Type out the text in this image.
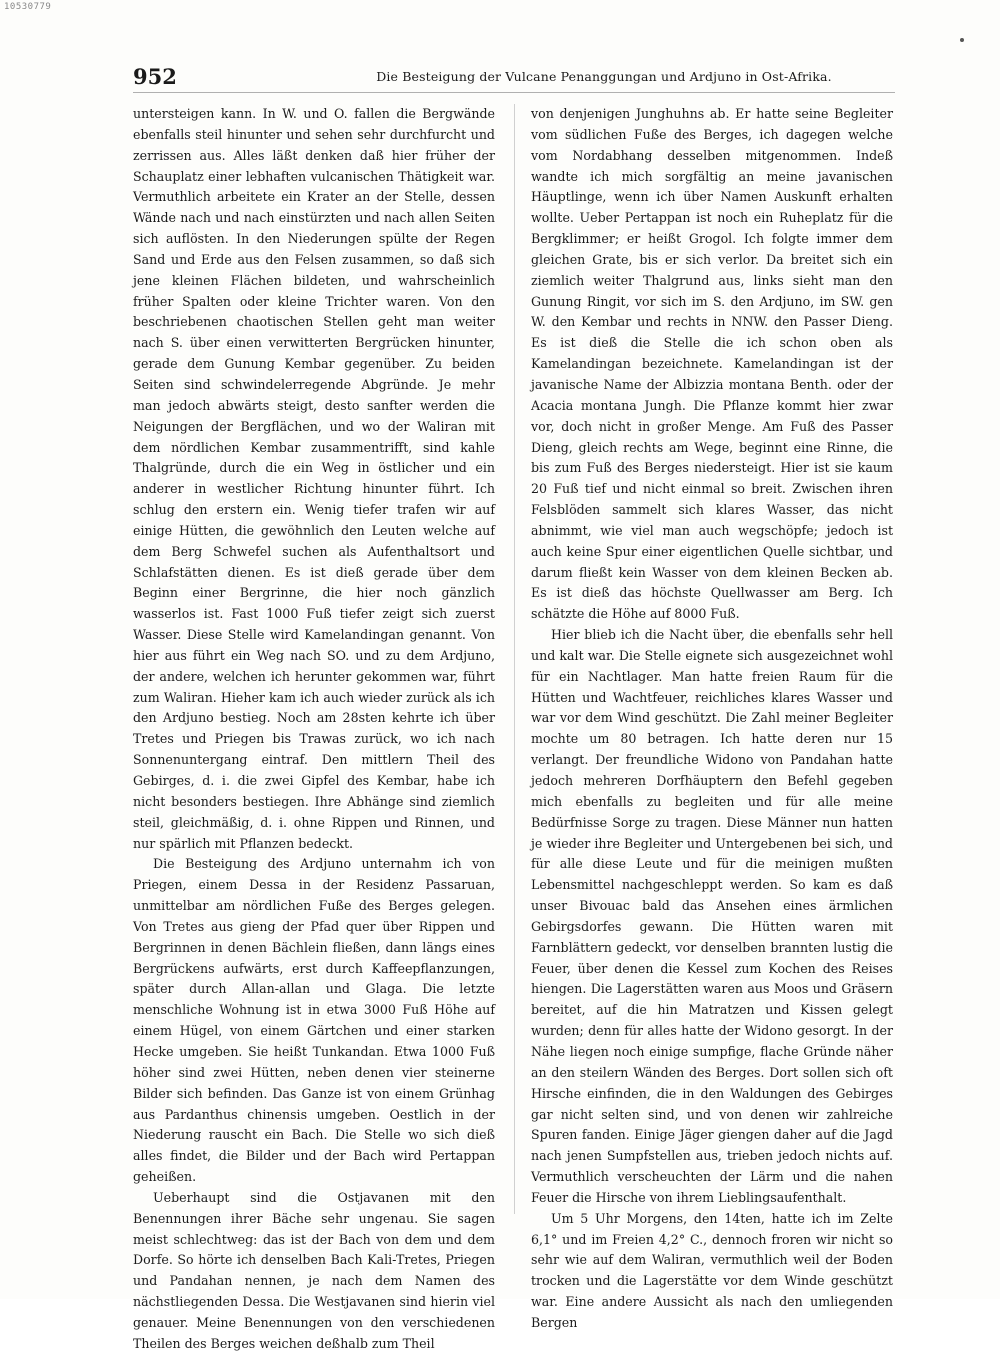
10530779
952	Die Besteigung der Vulcane Penanggungan und Ardjuno in Ost-Afrika.

untersteigen kann. In W. und O. fallen die Bergwände ebenfalls steil hinunter und sehen sehr durchfurcht und zerrissen aus. Alles läßt denken daß hier früher der Schauplatz einer lebhaften vulcanischen Thätigkeit war. Vermuthlich arbeitete ein Krater an der Stelle, dessen Wände nach und nach einstürzten und nach allen Seiten sich auflösten. In den Niederungen spülte der Regen Sand und Erde aus den Felsen zusammen, so daß sich jene kleinen Flächen bildeten, und wahrscheinlich früher Spalten oder kleine Trichter waren. Von den beschriebenen chaotischen Stellen geht man weiter nach S. über einen verwitterten Bergrücken hinunter, gerade dem Gunung Kembar gegenüber. Zu beiden Seiten sind schwindelerregende Abgründe. Je mehr man jedoch abwärts steigt, desto sanfter werden die Neigungen der Bergflächen, und wo der Waliran mit dem nördlichen Kembar zusammentrifft, sind kahle Thalgründe, durch die ein Weg in östlicher und ein anderer in westlicher Richtung hinunter führt. Ich schlug den erstern ein. Wenig tiefer trafen wir auf einige Hütten, die gewöhnlich den Leuten welche auf dem Berg Schwefel suchen als Aufenthaltsort und Schlafstätten dienen. Es ist dieß gerade über dem Beginn einer Bergrinne, die hier noch gänzlich wasserlos ist. Fast 1000 Fuß tiefer zeigt sich zuerst Wasser. Diese Stelle wird Kamelandingan genannt. Von hier aus führt ein Weg nach SO. und zu dem Ardjuno, der andere, welchen ich herunter gekommen war, führt zum Waliran. Hieher kam ich auch wieder zurück als ich den Ardjuno bestieg. Noch am 28sten kehrte ich über Tretes und Priegen bis Trawas zurück, wo ich nach Sonnenuntergang eintraf. Den mittlern Theil des Gebirges, d. i. die zwei Gipfel des Kembar, habe ich nicht besonders bestiegen. Ihre Abhänge sind ziemlich steil, gleichmäßig, d. i. ohne Rippen und Rinnen, und nur spärlich mit Pflanzen bedeckt.

Die Besteigung des Ardjuno unternahm ich von Priegen, einem Dessa in der Residenz Passaruan, unmittelbar am nördlichen Fuße des Berges gelegen. Von Tretes aus gieng der Pfad quer über Rippen und Bergrinnen in denen Bächlein fließen, dann längs eines Bergrückens aufwärts, erst durch Kaffeepflanzungen, später durch Allan-allan und Glaga. Die letzte menschliche Wohnung ist in etwa 3000 Fuß Höhe auf einem Hügel, von einem Gärtchen und einer starken Hecke umgeben. Sie heißt Tunkandan. Etwa 1000 Fuß höher sind zwei Hütten, neben denen vier steinerne Bilder sich befinden. Das Ganze ist von einem Grünhag aus Pardanthus chinensis umgeben. Oestlich in der Niederung rauscht ein Bach. Die Stelle wo sich dieß alles findet, die Bilder und der Bach wird Pertappan geheißen.

Ueberhaupt sind die Ostjavanen mit den Benennungen ihrer Bäche sehr ungenau. Sie sagen meist schlechtweg: das ist der Bach von dem und dem Dorfe. So hörte ich denselben Bach Kali-Tretes, Priegen und Pandahan nennen, je nach dem Namen des nächstliegenden Dessa. Die Westjavanen sind hierin viel genauer. Meine Benennungen von den verschiedenen Theilen des Berges weichen deßhalb zum Theil

von denjenigen Junghuhns ab. Er hatte seine Begleiter vom südlichen Fuße des Berges, ich dagegen welche vom Nordabhang desselben mitgenommen. Indeß wandte ich mich sorgfältig an meine javanischen Häuptlinge, wenn ich über Namen Auskunft erhalten wollte. Ueber Pertappan ist noch ein Ruheplatz für die Bergklimmer; er heißt Grogol. Ich folgte immer dem gleichen Grate, bis er sich verlor. Da breitet sich ein ziemlich weiter Thalgrund aus, links sieht man den Gunung Ringit, vor sich im S. den Ardjuno, im SW. gen W. den Kembar und rechts in NNW. den Passer Dieng. Es ist dieß die Stelle die ich schon oben als Kamelandingan bezeichnete. Kamelandingan ist der javanische Name der Albizzia montana Benth. oder der Acacia montana Jungh. Die Pflanze kommt hier zwar vor, doch nicht in großer Menge. Am Fuß des Passer Dieng, gleich rechts am Wege, beginnt eine Rinne, die bis zum Fuß des Berges niedersteigt. Hier ist sie kaum 20 Fuß tief und nicht einmal so breit. Zwischen ihren Felsblöden sammelt sich klares Wasser, das nicht abnimmt, wie viel man auch wegschöpfe; jedoch ist auch keine Spur einer eigentlichen Quelle sichtbar, und darum fließt kein Wasser von dem kleinen Becken ab. Es ist dieß das höchste Quellwasser am Berg. Ich schätzte die Höhe auf 8000 Fuß.

Hier blieb ich die Nacht über, die ebenfalls sehr hell und kalt war. Die Stelle eignete sich ausgezeichnet wohl für ein Nachtlager. Man hatte freien Raum für die Hütten und Wachtfeuer, reichliches klares Wasser und war vor dem Wind geschützt. Die Zahl meiner Begleiter mochte um 80 betragen. Ich hatte deren nur 15 verlangt. Der freundliche Widono von Pandahan hatte jedoch mehreren Dorfhäuptern den Befehl gegeben mich ebenfalls zu begleiten und für alle meine Bedürfnisse Sorge zu tragen. Diese Männer nun hatten je wieder ihre Begleiter und Untergebenen bei sich, und für alle diese Leute und für die meinigen mußten Lebensmittel nachgeschleppt werden. So kam es daß unser Bivouac bald das Ansehen eines ärmlichen Gebirgsdorfes gewann. Die Hütten waren mit Farnblättern gedeckt, vor denselben brannten lustig die Feuer, über denen die Kessel zum Kochen des Reises hiengen. Die Lagerstätten waren aus Moos und Gräsern bereitet, auf die hin Matratzen und Kissen gelegt wurden; denn für alles hatte der Widono gesorgt. In der Nähe liegen noch einige sumpfige, flache Gründe näher an den steilern Wänden des Berges. Dort sollen sich oft Hirsche einfinden, die in den Waldungen des Gebirges gar nicht selten sind, und von denen wir zahlreiche Spuren fanden. Einige Jäger giengen daher auf die Jagd nach jenen Sumpfstellen aus, trieben jedoch nichts auf. Vermuthlich verscheuchten der Lärm und die nahen Feuer die Hirsche von ihrem Lieblingsaufenthalt.

Um 5 Uhr Morgens, den 14ten, hatte ich im Zelte 6,1° und im Freien 4,2° C., dennoch froren wir nicht so sehr wie auf dem Waliran, vermuthlich weil der Boden trocken und die Lagerstätte vor dem Winde geschützt war. Eine andere Aussicht als nach den umliegenden Bergen
